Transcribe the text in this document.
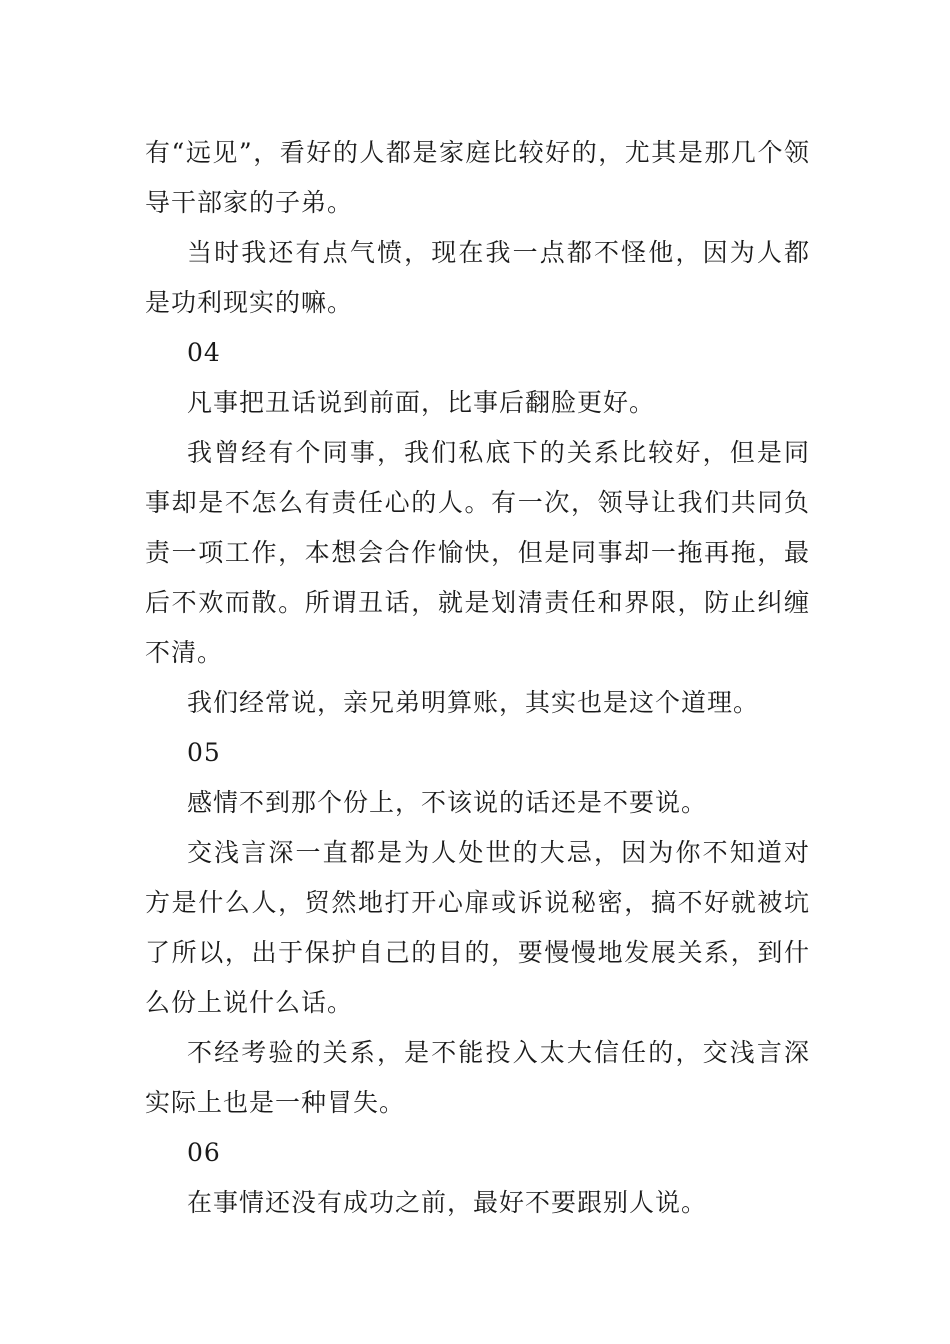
有“远见”，看好的人都是家庭比较好的，尤其是那几个领导干部家的子弟。

当时我还有点气愤，现在我一点都不怪他，因为人都是功利现实的嘛。

04

凡事把丑话说到前面，比事后翻脸更好。

我曾经有个同事，我们私底下的关系比较好，但是同事却是不怎么有责任心的人。有一次，领导让我们共同负责一项工作，本想会合作愉快，但是同事却一拖再拖，最后不欢而散。所谓丑话，就是划清责任和界限，防止纠缠不清。

我们经常说，亲兄弟明算账，其实也是这个道理。

05

感情不到那个份上，不该说的话还是不要说。

交浅言深一直都是为人处世的大忌，因为你不知道对方是什么人，贸然地打开心扉或诉说秘密，搞不好就被坑了所以，出于保护自己的目的，要慢慢地发展关系，到什么份上说什么话。

不经考验的关系，是不能投入太大信任的，交浅言深实际上也是一种冒失。

06

在事情还没有成功之前，最好不要跟别人说。
